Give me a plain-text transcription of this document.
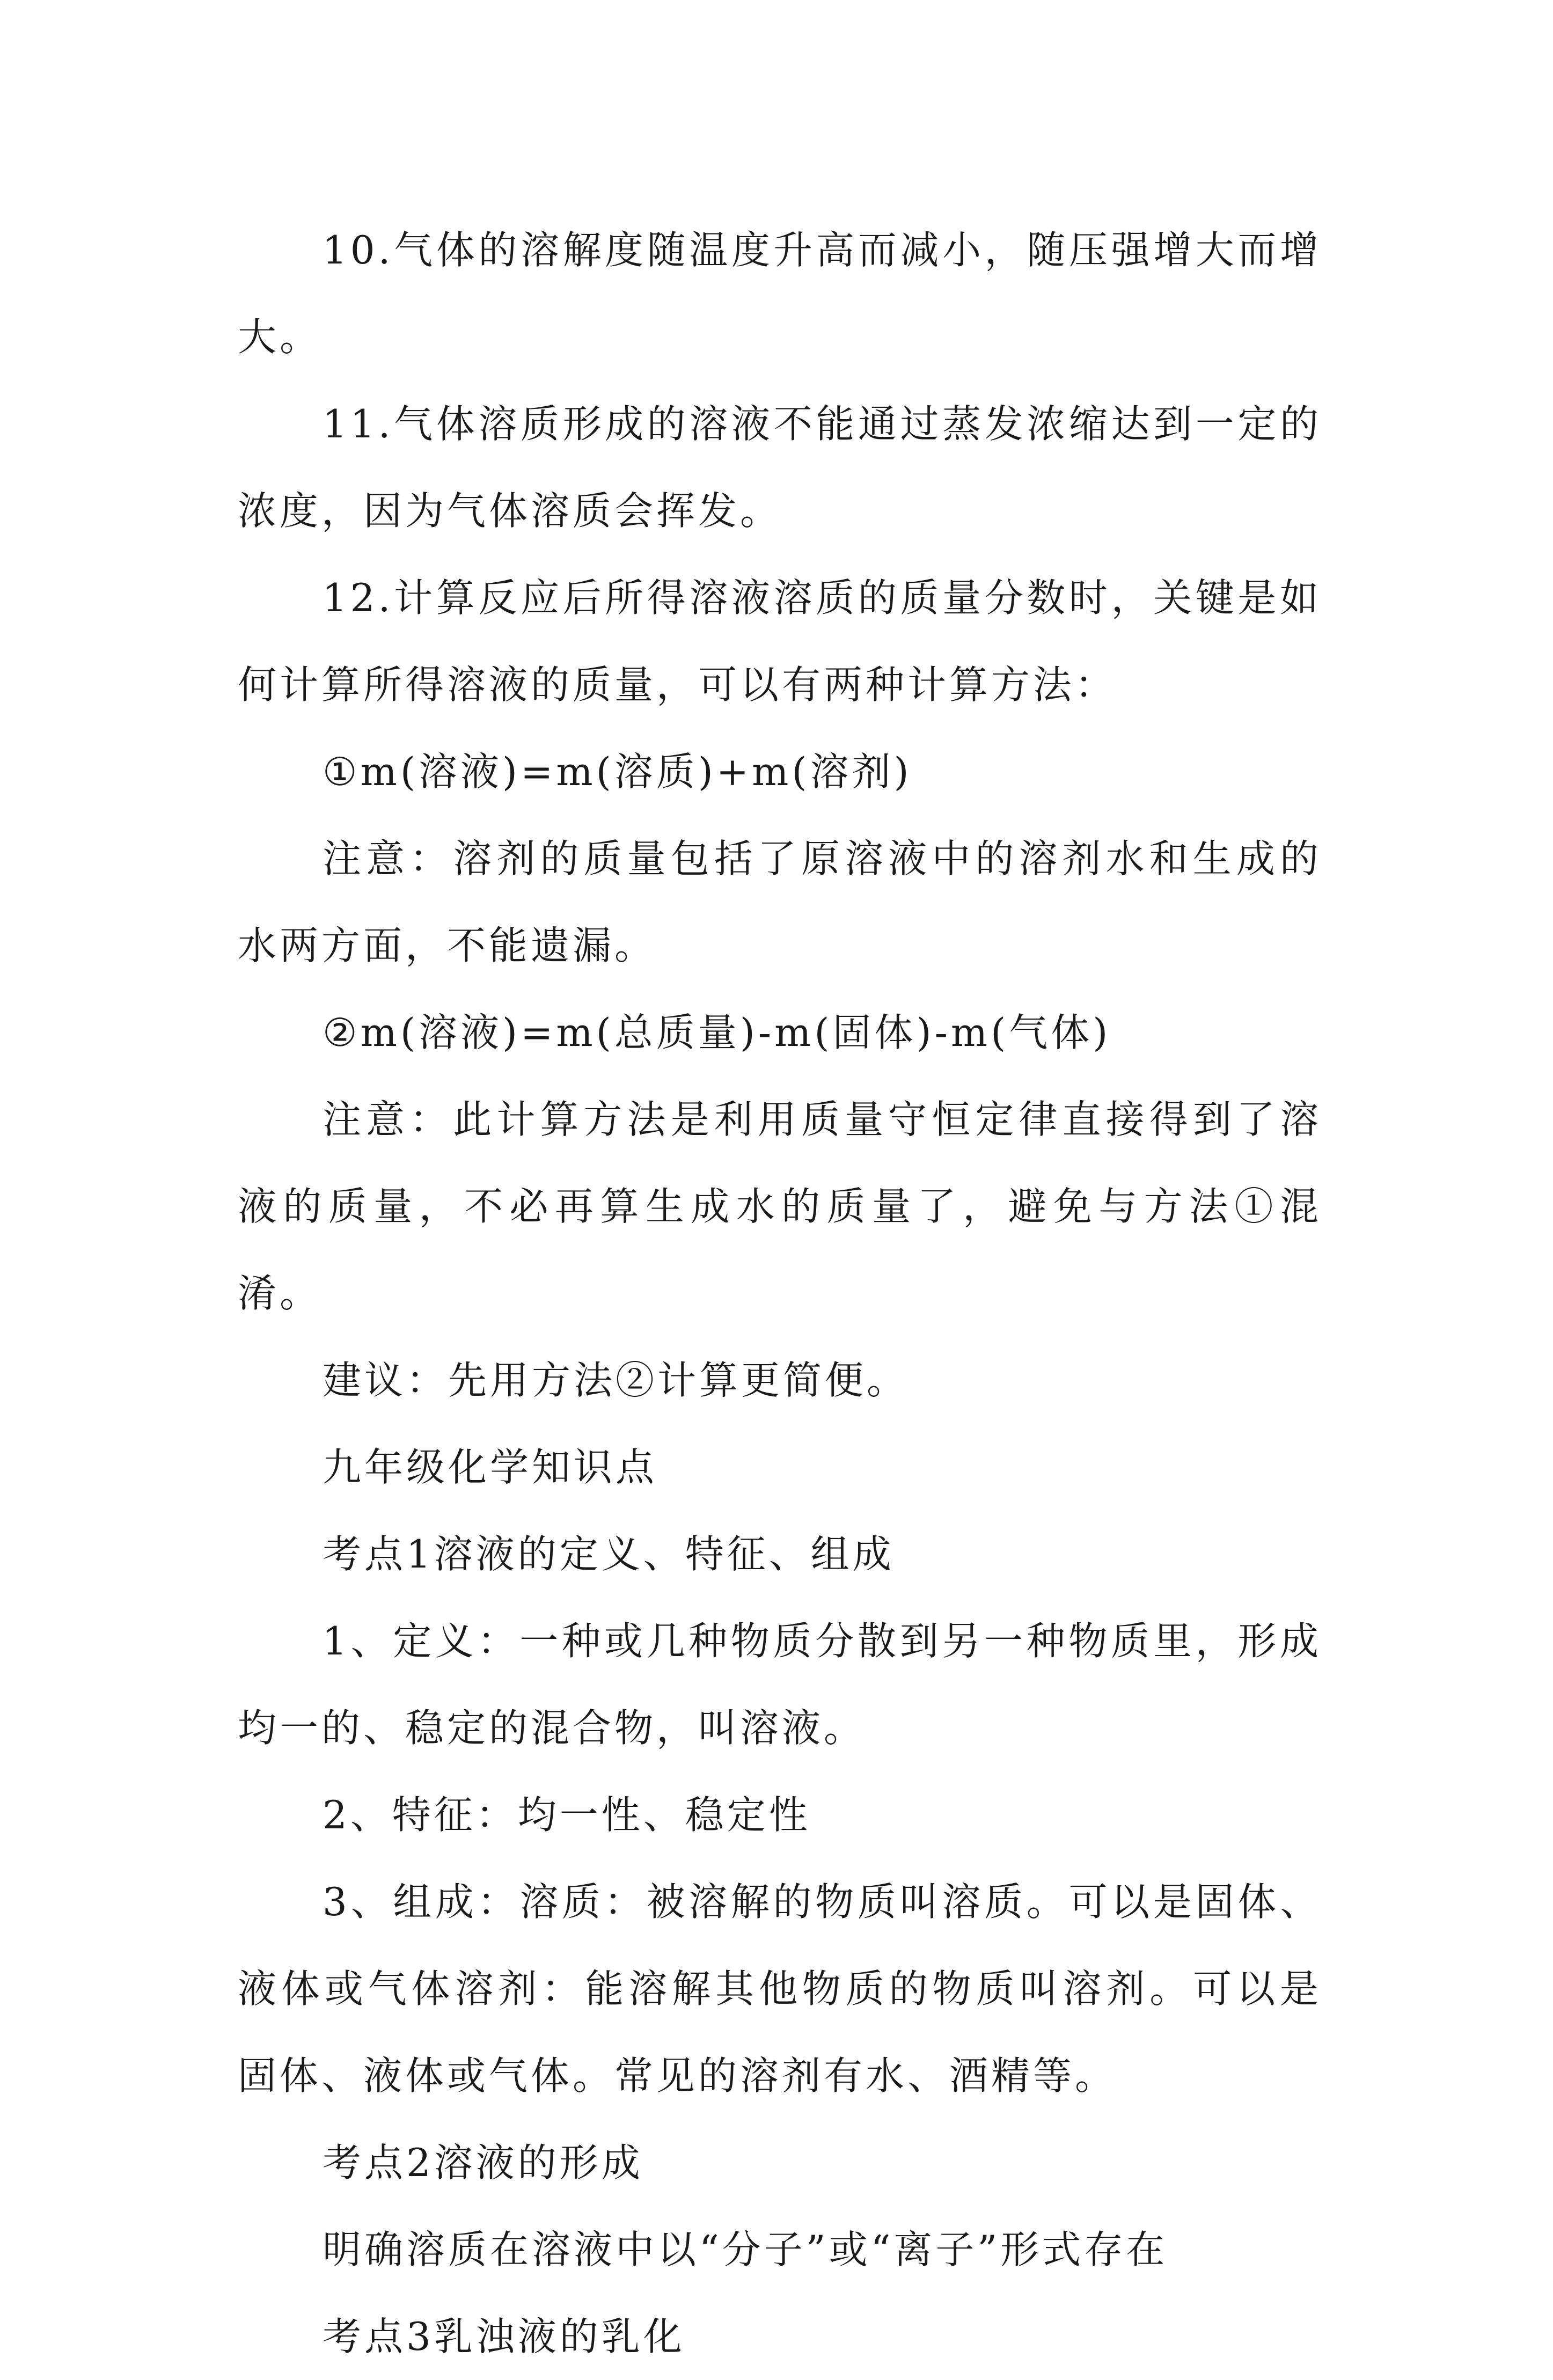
10.气体的溶解度随温度升高而减小，随压强增大而增大。

11.气体溶质形成的溶液不能通过蒸发浓缩达到一定的浓度，因为气体溶质会挥发。

12.计算反应后所得溶液溶质的质量分数时，关键是如何计算所得溶液的质量，可以有两种计算方法：

①m(溶液)=m(溶质)+m(溶剂)

注意：溶剂的质量包括了原溶液中的溶剂水和生成的水两方面，不能遗漏。

②m(溶液)=m(总质量)-m(固体)-m(气体)

注意：此计算方法是利用质量守恒定律直接得到了溶液的质量，不必再算生成水的质量了，避免与方法①混淆。

建议：先用方法②计算更简便。

九年级化学知识点

考点1溶液的定义、特征、组成

1、定义：一种或几种物质分散到另一种物质里，形成均一的、稳定的混合物，叫溶液。

2、特征：均一性、稳定性

3、组成：溶质：被溶解的物质叫溶质。可以是固体、液体或气体溶剂：能溶解其他物质的物质叫溶剂。可以是固体、液体或气体。常见的溶剂有水、酒精等。

考点2溶液的形成

明确溶质在溶液中以“分子”或“离子”形式存在

考点3乳浊液的乳化
